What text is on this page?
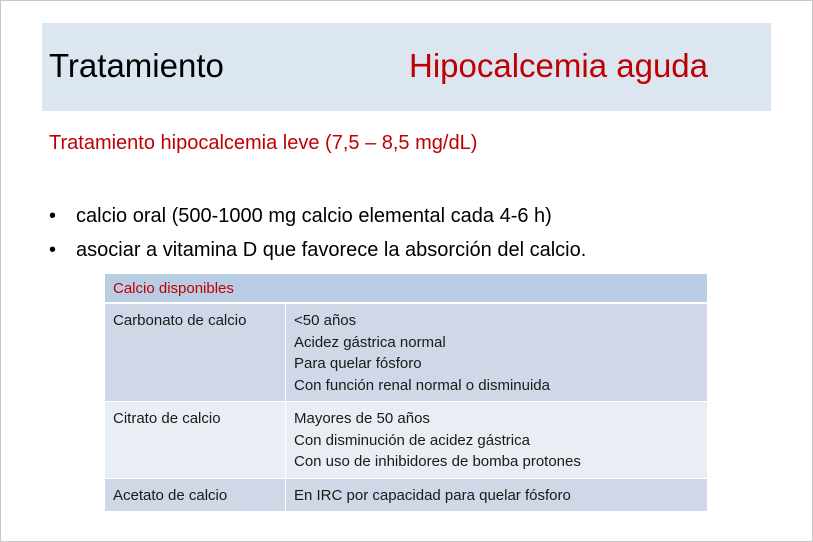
Tratamiento	Hipocalcemia aguda
Tratamiento hipocalcemia leve (7,5 – 8,5 mg/dL)
• calcio oral (500-1000 mg calcio elemental cada 4-6 h)
• asociar a vitamina D que favorece la absorción del calcio.
Calcio disponibles	
Carbonato de calcio	<50 años
Acidez gástrica normal
Para quelar fósforo
Con función renal normal o disminuida

Citrato de calcio	Mayores de 50 años
Con disminución de acidez gástrica
Con uso de inhibidores de bomba protones

Acetato de calcio	En IRC por capacidad para quelar fósforo
